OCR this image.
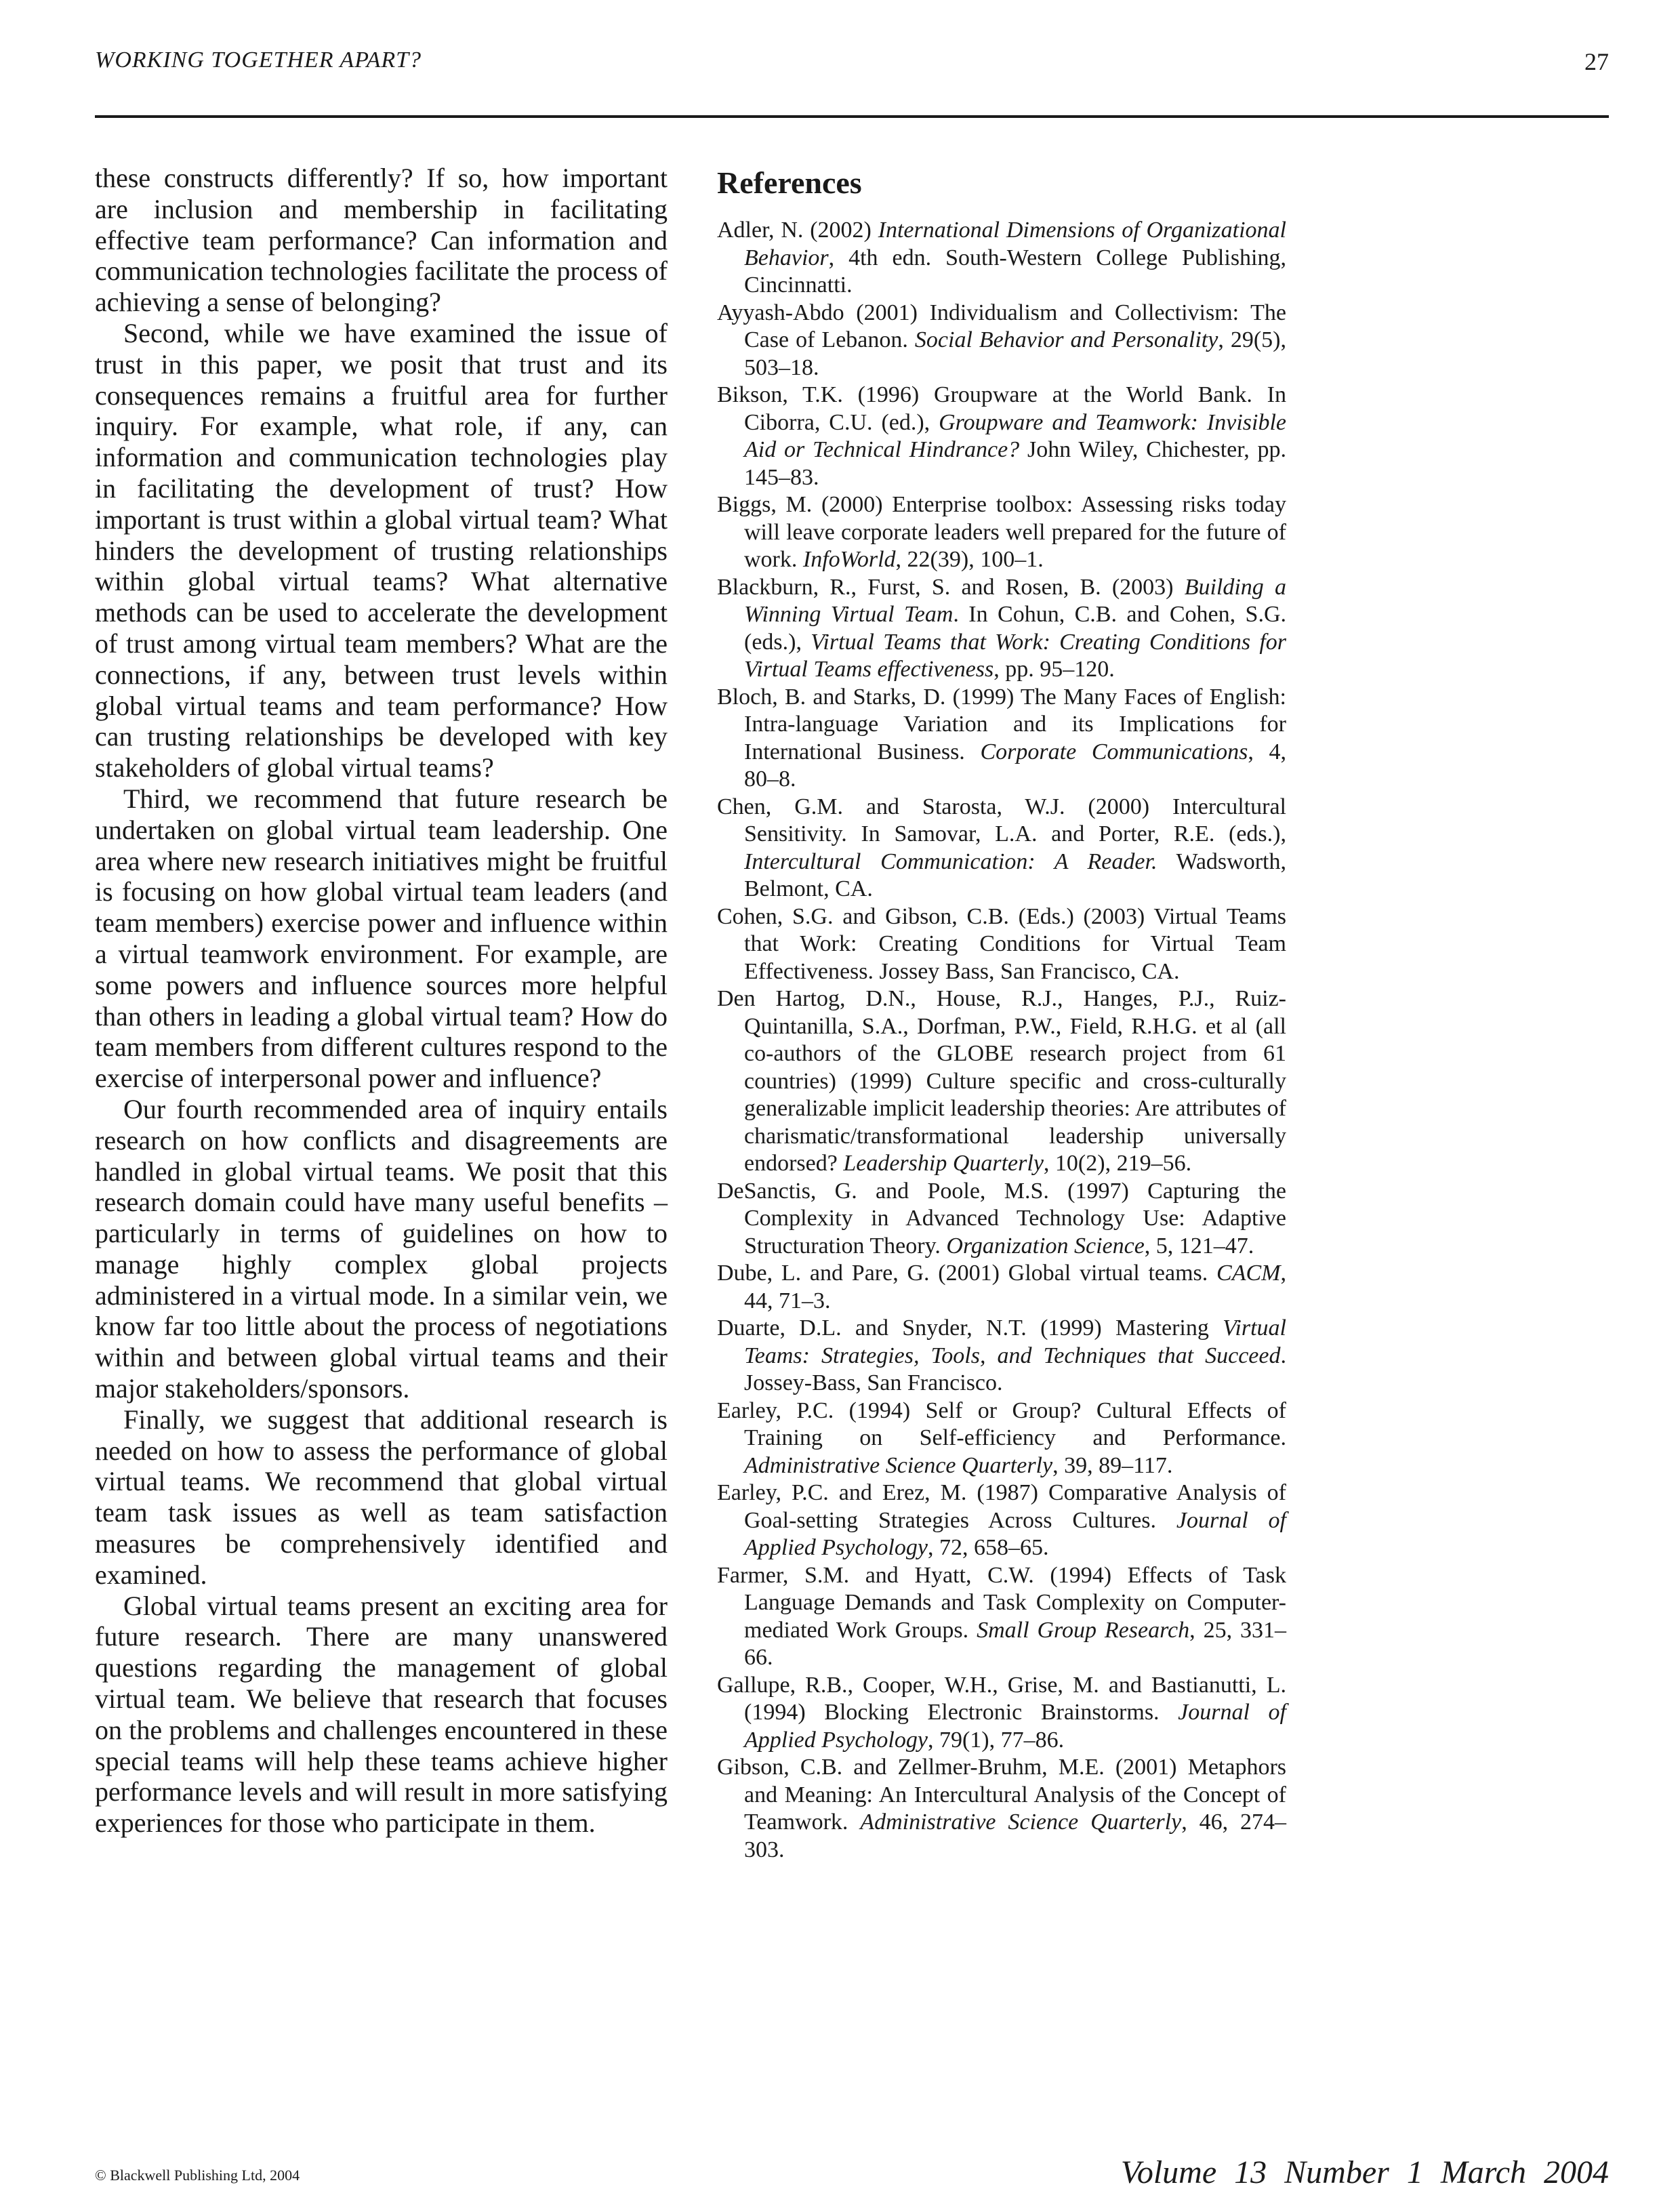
WORKING TOGETHER APART?	27

these constructs differently? If so, how important are inclusion and membership in facilitating effective team performance? Can information and communication technologies facilitate the process of achieving a sense of belonging?

Second, while we have examined the issue of trust in this paper, we posit that trust and its consequences remains a fruitful area for further inquiry. For example, what role, if any, can information and communication technologies play in facilitating the development of trust? How important is trust within a global virtual team? What hinders the development of trusting relationships within global virtual teams? What alternative methods can be used to accelerate the development of trust among virtual team members? What are the connections, if any, between trust levels within global virtual teams and team performance? How can trusting relationships be developed with key stakeholders of global virtual teams?

Third, we recommend that future research be undertaken on global virtual team leadership. One area where new research initiatives might be fruitful is focusing on how global virtual team leaders (and team members) exercise power and influence within a virtual teamwork environment. For example, are some powers and influence sources more helpful than others in leading a global virtual team? How do team members from different cultures respond to the exercise of interpersonal power and influence?

Our fourth recommended area of inquiry entails research on how conflicts and disagreements are handled in global virtual teams. We posit that this research domain could have many useful benefits – particularly in terms of guidelines on how to manage highly complex global projects administered in a virtual mode. In a similar vein, we know far too little about the process of negotiations within and between global virtual teams and their major stakeholders/sponsors.

Finally, we suggest that additional research is needed on how to assess the performance of global virtual teams. We recommend that global virtual team task issues as well as team satisfaction measures be comprehensively identified and examined.

Global virtual teams present an exciting area for future research. There are many unanswered questions regarding the management of global virtual team. We believe that research that focuses on the problems and challenges encountered in these special teams will help these teams achieve higher performance levels and will result in more satisfying experiences for those who participate in them.

References

Adler, N. (2002) International Dimensions of Organizational Behavior, 4th edn. South-Western College Publishing, Cincinnatti.

Ayyash-Abdo (2001) Individualism and Collectivism: The Case of Lebanon. Social Behavior and Personality, 29(5), 503–18.

Bikson, T.K. (1996) Groupware at the World Bank. In Ciborra, C.U. (ed.), Groupware and Teamwork: Invisible Aid or Technical Hindrance? John Wiley, Chichester, pp. 145–83.

Biggs, M. (2000) Enterprise toolbox: Assessing risks today will leave corporate leaders well prepared for the future of work. InfoWorld, 22(39), 100–1.

Blackburn, R., Furst, S. and Rosen, B. (2003) Building a Winning Virtual Team. In Cohun, C.B. and Cohen, S.G. (eds.), Virtual Teams that Work: Creating Conditions for Virtual Teams effectiveness, pp. 95–120.

Bloch, B. and Starks, D. (1999) The Many Faces of English: Intra-language Variation and its Implications for International Business. Corporate Communications, 4, 80–8.

Chen, G.M. and Starosta, W.J. (2000) Intercultural Sensitivity. In Samovar, L.A. and Porter, R.E. (eds.), Intercultural Communication: A Reader. Wadsworth, Belmont, CA.

Cohen, S.G. and Gibson, C.B. (Eds.) (2003) Virtual Teams that Work: Creating Conditions for Virtual Team Effectiveness. Jossey Bass, San Francisco, CA.

Den Hartog, D.N., House, R.J., Hanges, P.J., Ruiz-Quintanilla, S.A., Dorfman, P.W., Field, R.H.G. et al (all co-authors of the GLOBE research project from 61 countries) (1999) Culture specific and cross-culturally generalizable implicit leadership theories: Are attributes of charismatic/transformational leadership universally endorsed? Leadership Quarterly, 10(2), 219–56.

DeSanctis, G. and Poole, M.S. (1997) Capturing the Complexity in Advanced Technology Use: Adaptive Structuration Theory. Organization Science, 5, 121–47.

Dube, L. and Pare, G. (2001) Global virtual teams. CACM, 44, 71–3.

Duarte, D.L. and Snyder, N.T. (1999) Mastering Virtual Teams: Strategies, Tools, and Techniques that Succeed. Jossey-Bass, San Francisco.

Earley, P.C. (1994) Self or Group? Cultural Effects of Training on Self-efficiency and Performance. Administrative Science Quarterly, 39, 89–117.

Earley, P.C. and Erez, M. (1987) Comparative Analysis of Goal-setting Strategies Across Cultures. Journal of Applied Psychology, 72, 658–65.

Farmer, S.M. and Hyatt, C.W. (1994) Effects of Task Language Demands and Task Complexity on Computer-mediated Work Groups. Small Group Research, 25, 331–66.

Gallupe, R.B., Cooper, W.H., Grise, M. and Bastianutti, L. (1994) Blocking Electronic Brainstorms. Journal of Applied Psychology, 79(1), 77–86.

Gibson, C.B. and Zellmer-Bruhm, M.E. (2001) Metaphors and Meaning: An Intercultural Analysis of the Concept of Teamwork. Administrative Science Quarterly, 46, 274–303.

© Blackwell Publishing Ltd, 2004	Volume 13 Number 1 March 2004
